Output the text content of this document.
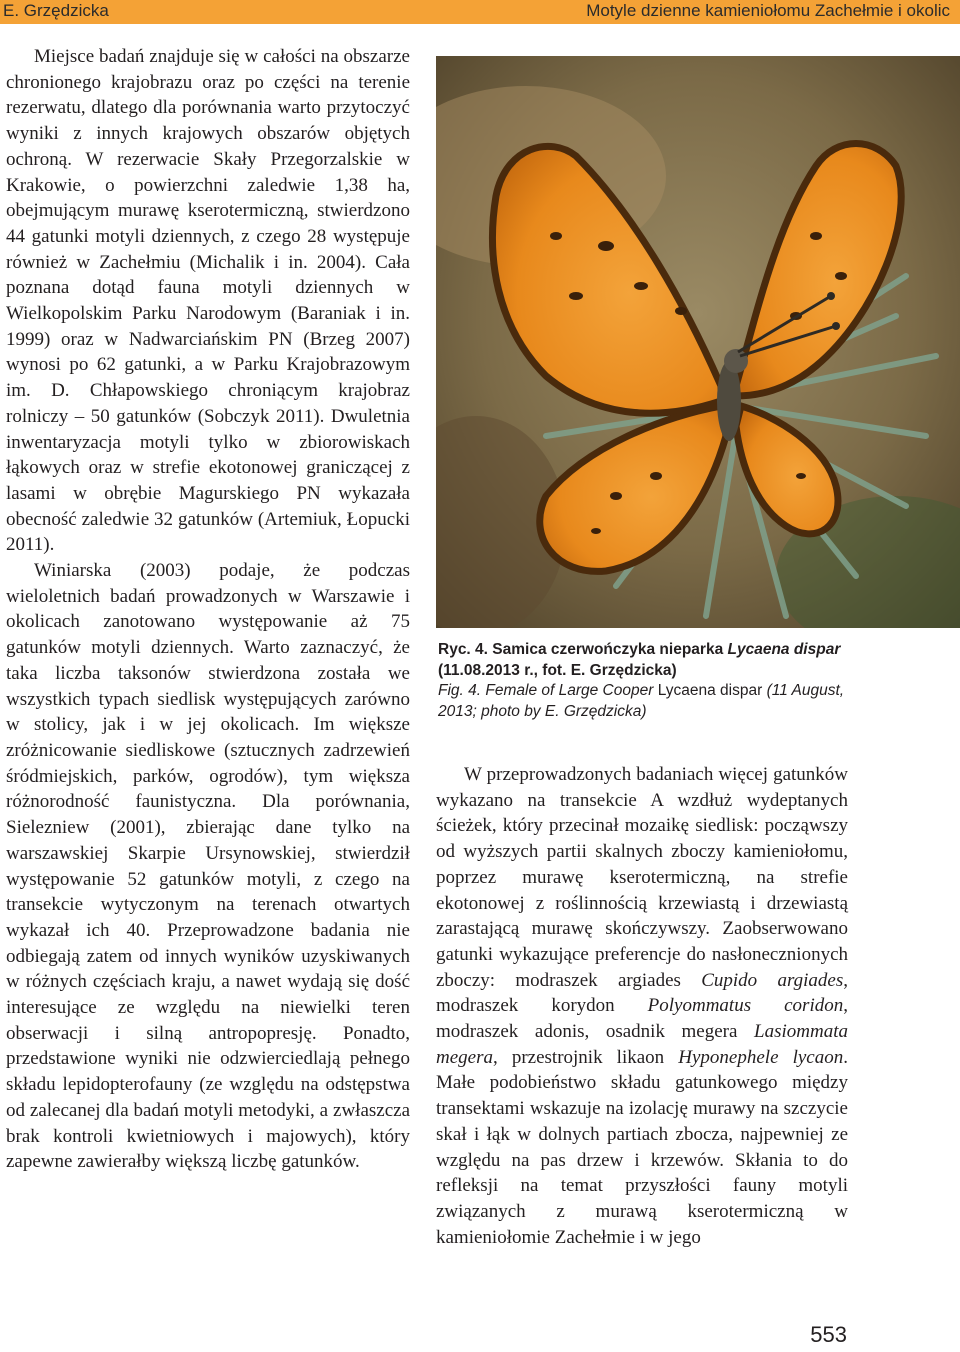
E. Grzędzicka	Motyle dzienne kamieniołomu Zachełmie i okolic

Miejsce badań znajduje się w całości na obszarze chronionego krajobrazu oraz po części na terenie rezerwatu, dlatego dla porównania warto przytoczyć wyniki z innych krajowych obszarów objętych ochroną. W rezerwacie Skały Przegorzalskie w Krakowie, o powierzchni zaledwie 1,38 ha, obejmującym murawę kserotermiczną, stwierdzono 44 gatunki motyli dziennych, z czego 28 występuje również w Zachełmiu (Michalik i in. 2004). Cała poznana dotąd fauna motyli dziennych w Wielkopolskim Parku Narodowym (Baraniak i in. 1999) oraz w Nadwarciańskim PN (Brzeg 2007) wynosi po 62 gatunki, a w Parku Krajobrazowym im. D. Chłapowskiego chroniącym krajobraz rolniczy – 50 gatunków (Sobczyk 2011). Dwuletnia inwentaryzacja motyli tylko w zbiorowiskach łąkowych oraz w strefie ekotonowej graniczącej z lasami w obrębie Magurskiego PN wykazała obecność zaledwie 32 gatunków (Artemiuk, Łopucki 2011).

Winiarska (2003) podaje, że podczas wieloletnich badań prowadzonych w Warszawie i okolicach zanotowano występowanie aż 75 gatunków motyli dziennych. Warto zaznaczyć, że taka liczba taksonów stwierdzona została we wszystkich typach siedlisk występujących zarówno w stolicy, jak i w jej okolicach. Im większe zróżnicowanie siedliskowe (sztucznych zadrzewień śródmiejskich, parków, ogrodów), tym większa różnorodność faunistyczna. Dla porównania, Sielezniew (2001), zbierając dane tylko na warszawskiej Skarpie Ursynowskiej, stwierdził występowanie 52 gatunków motyli, z czego na transekcie wytyczonym na terenach otwartych wykazał ich 40. Przeprowadzone badania nie odbiegają zatem od innych wyników uzyskiwanych w różnych częściach kraju, a nawet wydają się dość interesujące ze względu na niewielki teren obserwacji i silną antropopresję. Ponadto, przedstawione wyniki nie odzwierciedlają pełnego składu lepidopterofauny (ze względu na odstępstwa od zalecanej dla badań motyli metodyki, a zwłaszcza brak kontroli kwietniowych i majowych), który zapewne zawierałby większą liczbę gatunków.

Ryc. 4. Samica czerwończyka nieparka Lycaena dispar (11.08.2013 r., fot. E. Grzędzicka)
Fig. 4. Female of Large Cooper Lycaena dispar (11 August, 2013; photo by E. Grzędzicka)

W przeprowadzonych badaniach więcej gatunków wykazano na transekcie A wzdłuż wydeptanych ścieżek, który przecinał mozaikę siedlisk: począwszy od wyższych partii skalnych zboczy kamieniołomu, poprzez murawę kserotermiczną, na strefie ekotonowej z roślinnością krzewiastą i drzewiastą zarastającą murawę skończywszy. Zaobserwowano gatunki wykazujące preferencje do nasłonecznionych zboczy: modraszek argiades Cupido argiades, modraszek korydon Polyommatus coridon, modraszek adonis, osadnik megera Lasiommata megera, przestrojnik likaon Hyponephele lycaon. Małe podobieństwo składu gatunkowego między transektami wskazuje na izolację murawy na szczycie skał i łąk w dolnych partiach zbocza, najpewniej ze względu na pas drzew i krzewów. Skłania to do refleksji na temat przyszłości fauny motyli związanych z murawą kserotermiczną w kamieniołomie Zachełmie i w jego

553
